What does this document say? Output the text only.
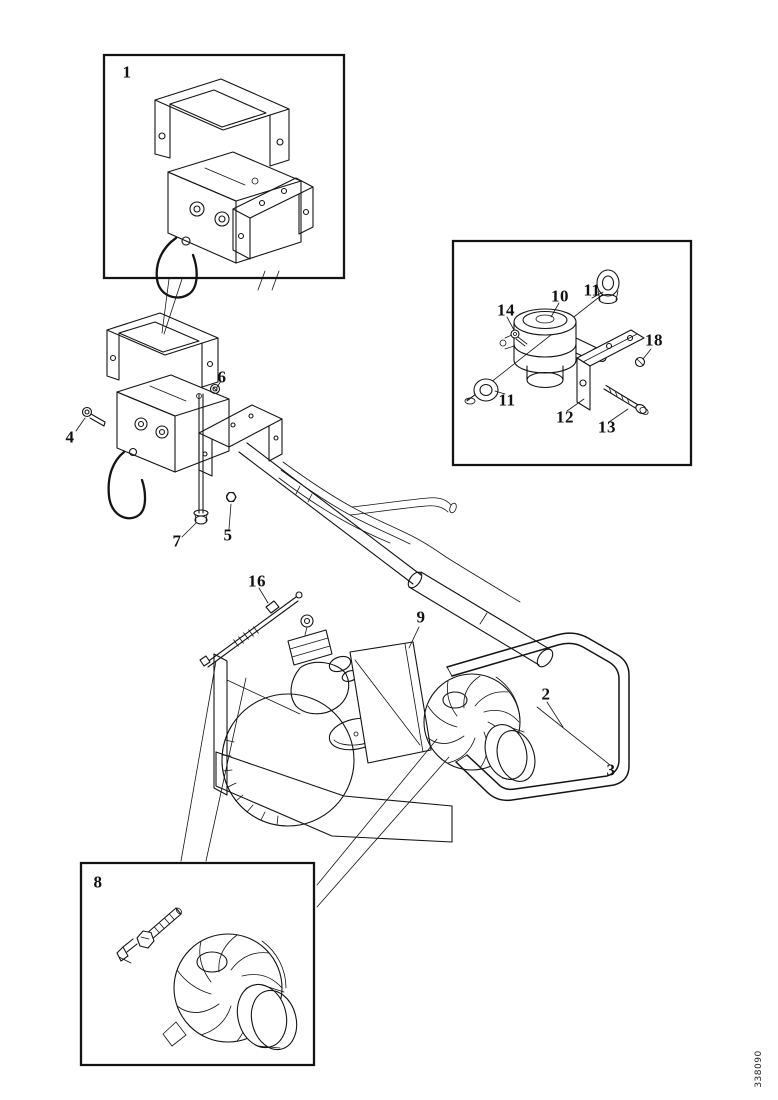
1
2
3
4
5
6
7
8
9
10 11
11
12
13
14
16
18
338090
